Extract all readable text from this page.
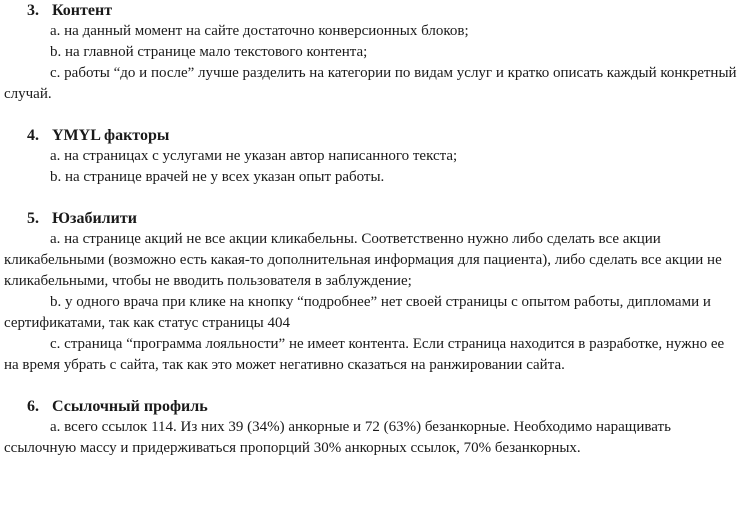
3. Контент

a. на данный момент на сайте достаточно конверсионных блоков;

b. на главной странице мало текстового контента;

c. работы “до и после” лучше разделить на категории по видам услуг и кратко описать каждый конкретный случай.

4. YMYL факторы

a. на страницах с услугами не указан автор написанного текста;

b. на странице врачей не у всех указан опыт работы.

5. Юзабилити

a. на странице акций не все акции кликабельны. Соответственно нужно либо сделать все акции кликабельными (возможно есть какая-то дополнительная информация для пациента), либо сделать все акции не кликабельными, чтобы не вводить пользователя в заблуждение;

b. у одного врача при клике на кнопку “подробнее” нет своей страницы с опытом работы, дипломами и сертификатами, так как статус страницы 404

c. страница “программа лояльности” не имеет контента. Если страница находится в разработке, нужно ее на время убрать с сайта, так как это может негативно сказаться на ранжировании сайта.

6. Ссылочный профиль

a. всего ссылок 114. Из них 39 (34%) анкорные и 72 (63%) безанкорные. Необходимо наращивать ссылочную массу и придерживаться пропорций 30% анкорных ссылок, 70% безанкорных.
